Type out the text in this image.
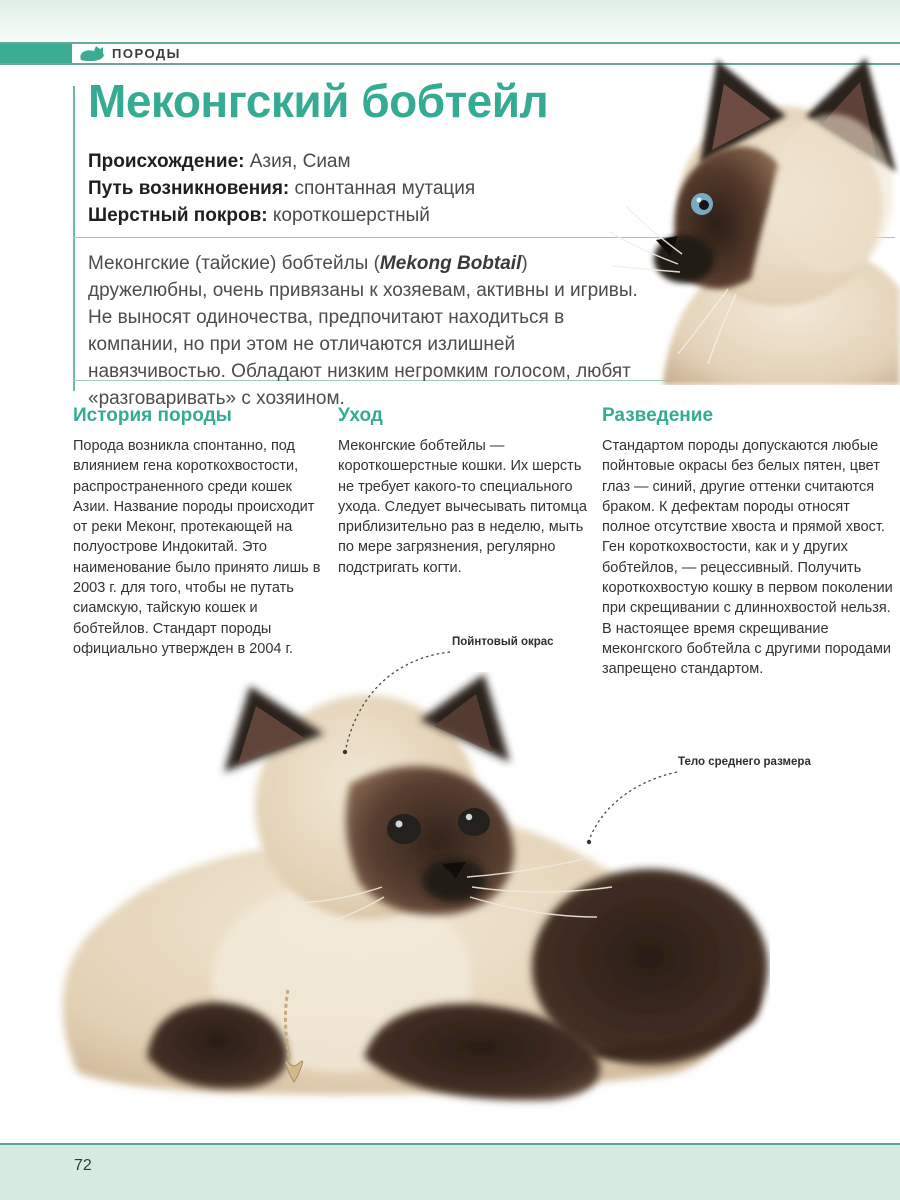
ПОРОДЫ
Меконгский бобтейл
Происхождение: Азия, Сиам
Путь возникновения: спонтанная мутация
Шерстный покров: короткошерстный

Меконгские (тайские) бобтейлы (Mekong Bobtail) дружелюбны, очень привязаны к хозяевам, активны и игривы. Не выносят одиночества, предпочитают находиться в компании, но при этом не отличаются излишней навязчивостью. Обладают низким негромким голосом, любят «разговаривать» с хозяином.

История породы

Порода возникла спонтанно, под влиянием гена короткохвостости, распространенного среди кошек Азии. Название породы происходит от реки Меконг, протекающей на полуострове Индокитай. Это наименование было принято лишь в 2003 г. для того, чтобы не путать сиамскую, тайскую кошек и бобтейлов. Стандарт породы официально утвержден в 2004 г.

Уход

Меконгские бобтейлы — короткошерстные кошки. Их шерсть не требует какого-то специального ухода. Следует вычесывать питомца приблизительно раз в неделю, мыть по мере загрязнения, регулярно подстригать когти.

Разведение

Стандартом породы допускаются любые пойнтовые окрасы без белых пятен, цвет глаз — синий, другие оттенки считаются браком. К дефектам породы относят полное отсутствие хвоста и прямой хвост. Ген короткохвостости, как и у других бобтейлов, — рецессивный. Получить короткохвостую кошку в первом поколении при скрещивании с длиннохвостой нельзя. В настоящее время скрещивание меконгского бобтейла с другими породами запрещено стандартом.

Пойнтовый окрас
Тело среднего размера
72
